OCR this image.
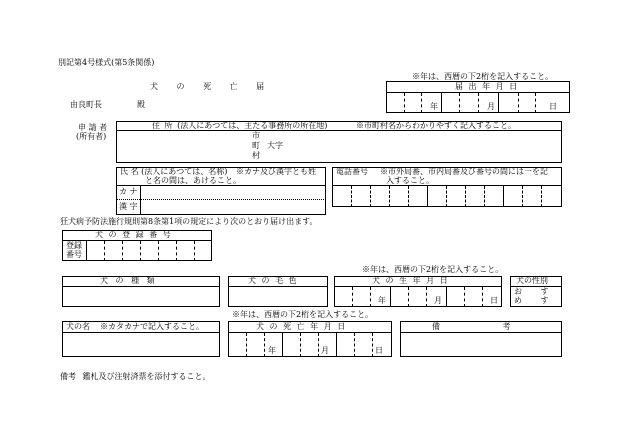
別記第4号様式(第5条関係)
犬 の 死 亡 届
※年は、西暦の下2桁を記入すること。
届 出 年 月 日
年	月	日
由良町長	殿
申 請 者
(所有者)
住 所 (法人にあつては、主たる事務所の所在地)	※市町村名からわかりやすく記入すること。
市
町
村
大字
氏 名 (法人にあつては、名称) ※カナ及び漢字とも姓
と名の間は、あけること。
カ ナ
漢 字
電話番号 ※市外局番、市内局番及び番号の間には一を記
入すること。
狂犬病予防法施行規則第8条第1項の規定により次のとおり届け出ます。
犬 の 登 録 番 号
登録
番号
※年は、西暦の下2桁を記入すること。
犬 の 種 類	犬 の 毛 色	犬 の 生 年 月 日
年	月	日
犬の性別
お す
め す
※年は、西暦の下2桁を記入すること。
犬の名 ※カタカナで記入すること。	犬 の 死 亡 年 月 日
年	月	日
備 考
備考 鑑札及び注射済票を添付すること。
